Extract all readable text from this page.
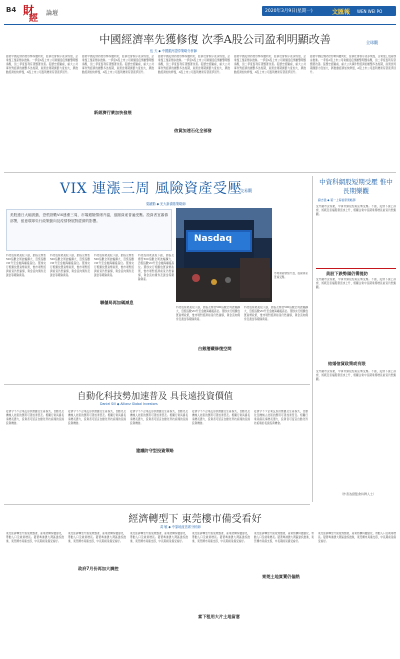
B4 財
經
論壇	2020年3月9日(星期一)	文匯報 WEN WEI PO
中國經濟率先獲修復 次季A股公司盈利明顯改善	全球觀
伍 天 ◆ 中國銀河證券策略分析師
隨著中國疫情防控形勢持續向好，經濟社會秩序逐步恢復，企業復工復產穩步推進。一季度A股上市公司業績受疫情衝擊明顯承壓，但二季度盈利有望顯著改善。從歷史經驗看，重大公共事件對經濟的衝擊多為短期，政策逆周期調節力度加大，將推動經濟加快修復，A股上市公司盈利增速有望逐季回升。
隨著中國疫情防控形勢持續向好，經濟社會秩序逐步恢復，企業復工復產穩步推進。一季度A股上市公司業績受疫情衝擊明顯承壓，但二季度盈利有望顯著改善。從歷史經驗看，重大公共事件對經濟的衝擊多為短期，政策逆周期調節力度加大，將推動經濟加快修復，A股上市公司盈利增速有望逐季回升。
隨著中國疫情防控形勢持續向好，經濟社會秩序逐步恢復，企業復工復產穩步推進。一季度A股上市公司業績受疫情衝擊明顯承壓，但二季度盈利有望顯著改善。從歷史經驗看，重大公共事件對經濟的衝擊多為短期，政策逆周期調節力度加大，將推動經濟加快修復，A股上市公司盈利增速有望逐季回升。
隨著中國疫情防控形勢持續向好，經濟社會秩序逐步恢復，企業復工復產穩步推進。一季度A股上市公司業績受疫情衝擊明顯承壓，但二季度盈利有望顯著改善。從歷史經驗看，重大公共事件對經濟的衝擊多為短期，政策逆周期調節力度加大，將推動經濟加快修復，A股上市公司盈利增速有望逐季回升。
隨著中國疫情防控形勢持續向好，經濟社會秩序逐步恢復，企業復工復產穩步推進。一季度A股上市公司業績受疫情衝擊明顯承壓，但二季度盈利有望顯著改善。從歷史經驗看，重大公共事件對經濟的衝擊多為短期，政策逆周期調節力度加大，將推動經濟加快修復，A股上市公司盈利增速有望逐季回升。
新經濟行業加快發展
信貸加速石化全部發
VIX 連漲三周 風險資產受壓
交易觀
梁穎勤 ◆ 光大新鴻基策略師
美股連日大幅波動，恐慌指數VIX連漲三周，市場避險情緒升溫，風險資產普遍受壓。投資者宜審慎部署，留意環球央行政策動向及疫情發展對經濟的影響。
Nasdaq
市場避險情緒升溫，風險資產普遍受壓。
科技股拖累美股下跌，納指及標普500指數全周波幅擴大，恐慌指數VIX升至金融海嘯後高位。環球央行相繼放寬貨幣政策，惟市場對經濟前景仍然審慎，資金流向債券及黃金等避險資產。
科技股拖累美股下跌，納指及標普500指數全周波幅擴大，恐慌指數VIX升至金融海嘯後高位。環球央行相繼放寬貨幣政策，惟市場對經濟前景仍然審慎，資金流向債券及黃金等避險資產。
科技股拖累美股下跌，納指及標普500指數全周波幅擴大，恐慌指數VIX升至金融海嘯後高位。環球央行相繼放寬貨幣政策，惟市場對經濟前景仍然審慎，資金流向債券及黃金等避險資產。
科技股拖累美股下跌，納指及標普500指數全周波幅擴大，恐慌指數VIX升至金融海嘯後高位。環球央行相繼放寬貨幣政策，惟市場對經濟前景仍然審慎，資金流向債券及黃金等避險資產。
科技股拖累美股下跌，納指及標普500指數全周波幅擴大，恐慌指數VIX升至金融海嘯後高位。環球央行相繼放寬貨幣政策，惟市場對經濟前景仍然審慎，資金流向債券及黃金等避險資產。
科技股拖累美股下跌，納指及標普500指數全周波幅擴大，恐慌指數VIX升至金融海嘯後高位。環球央行相繼放寬貨幣政策，惟市場對經濟前景仍然審慎，資金流向債券及黃金等避險資產。
聯儲局再加碼減息
白銀潛藏修復空間
自動化科技勢加速普及 具長遠投資價值
Daniel Sill ◆ Allianz Global Investors
疫情令不少企業反思供應鏈及生產模式，自動化及機械人技術的應用可望加速普及。相關行業具備長遠增長潛力，投資者可留意自動化科技板塊的長線投資機會。
疫情令不少企業反思供應鏈及生產模式，自動化及機械人技術的應用可望加速普及。相關行業具備長遠增長潛力，投資者可留意自動化科技板塊的長線投資機會。
疫情令不少企業反思供應鏈及生產模式，自動化及機械人技術的應用可望加速普及。相關行業具備長遠增長潛力，投資者可留意自動化科技板塊的長線投資機會。
疫情令不少企業反思供應鏈及生產模式，自動化及機械人技術的應用可望加速普及。相關行業具備長遠增長潛力，投資者可留意自動化科技板塊的長線投資機會。
疫情令不少企業反思供應鏈及生產模式，自動化及機械人技術的應用可望加速普及。相關行業具備長遠增長潛力，投資者可留意自動化科技板塊的長線投資機會。
建議防守型投資策略
經濟轉型下 東莞樓市備受看好
黃 敏 ◆ 中原地產首席分析師
東莞經濟轉型升級成效顯著，產業結構持續優化，帶動人口及就業增長。隨著粵港澳大灣區建設推進，東莞樓市具備支撐，中長期前景備受看好。
東莞經濟轉型升級成效顯著，產業結構持續優化，帶動人口及就業增長。隨著粵港澳大灣區建設推進，東莞樓市具備支撐，中長期前景備受看好。
東莞經濟轉型升級成效顯著，產業結構持續優化，帶動人口及就業增長。隨著粵港澳大灣區建設推進，東莞樓市具備支撐，中長期前景備受看好。
東莞經濟轉型升級成效顯著，產業結構持續優化，帶動人口及就業增長。隨著粵港澳大灣區建設推進，東莞樓市具備支撐，中長期前景備受看好。
東莞經濟轉型升級成效顯著，產業結構持續優化，帶動人口及就業增長。隨著粵港澳大灣區建設推進，東莞樓市具備支撐，中長期前景備受看好。
東莞經濟轉型升級成效顯著，產業結構持續優化，帶動人口及就業增長。隨著粵港澳大灣區建設推進，東莞樓市具備支撐，中長期前景備受看好。
政府7月份再加大調控
東莞土地買賣仍偏熱
當下租用大片土地留意
中資科網股短期受壓 惟中長期樂觀
蘇志強 ◆ 第一上海首席策略師
受外圍市況拖累，中資科網股短期走勢受壓。不過，疫情下線上消費、遊戲及雲端服務需求上升，相關企業中長期業務增長前景仍然樂觀。
美股下跌勢頭仍需提防
受外圍市況拖累，中資科網股短期走勢受壓。不過，疫情下線上消費、遊戲及雲端服務需求上升，相關企業中長期業務增長前景仍然樂觀。
結婚信貸政策或有限
受外圍市況拖累，中資科網股短期走勢受壓。不過，疫情下線上消費、遊戲及雲端服務需求上升，相關企業中長期業務增長前景仍然樂觀。
（作者為證監會持牌人士）
